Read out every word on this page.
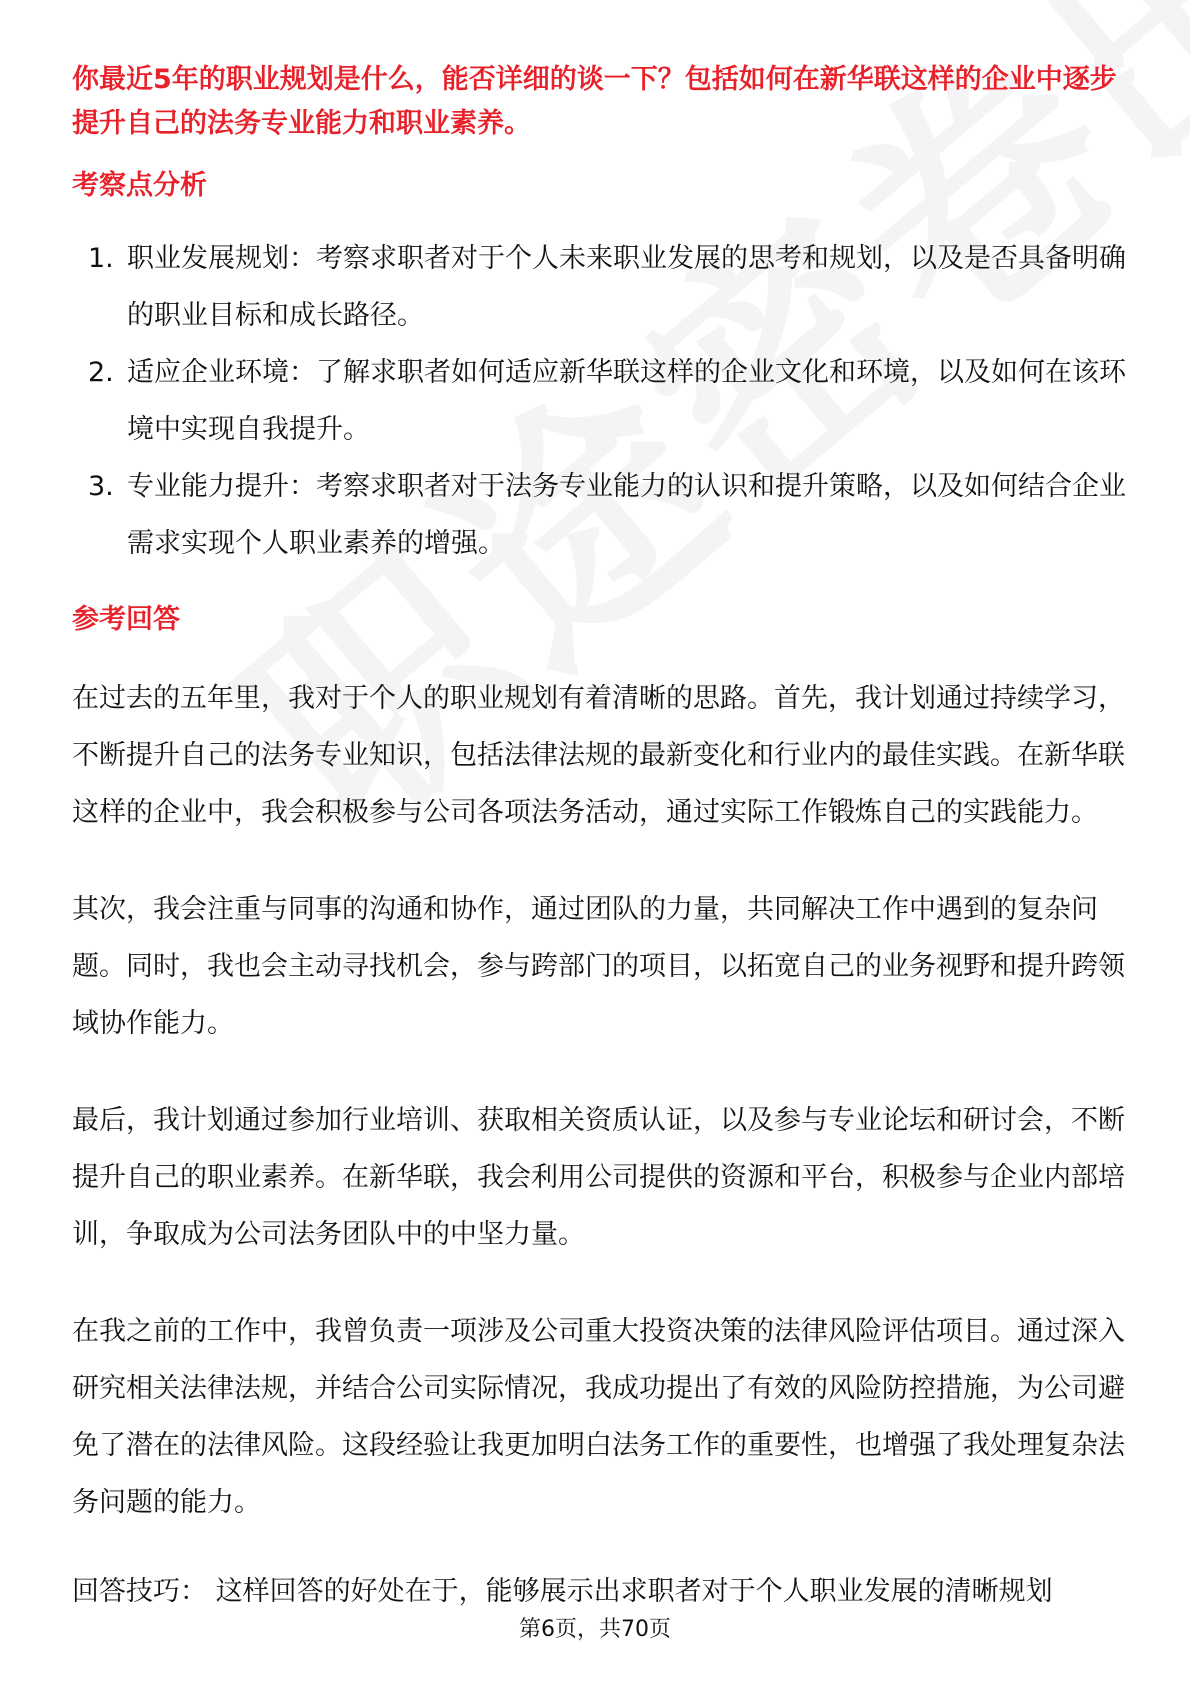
你最近5年的职业规划是什么，能否详细的谈一下？包括如何在新华联这样的企业中逐步提升自己的法务专业能力和职业素养。

考察点分析
1. 职业发展规划：考察求职者对于个人未来职业发展的思考和规划，以及是否具备明确的职业目标和成长路径。
2. 适应企业环境：了解求职者如何适应新华联这样的企业文化和环境，以及如何在该环境中实现自我提升。
3. 专业能力提升：考察求职者对于法务专业能力的认识和提升策略，以及如何结合企业需求实现个人职业素养的增强。
参考回答

在过去的五年里，我对于个人的职业规划有着清晰的思路。首先，我计划通过持续学习，不断提升自己的法务专业知识，包括法律法规的最新变化和行业内的最佳实践。在新华联这样的企业中，我会积极参与公司各项法务活动，通过实际工作锻炼自己的实践能力。

其次，我会注重与同事的沟通和协作，通过团队的力量，共同解决工作中遇到的复杂问题。同时，我也会主动寻找机会，参与跨部门的项目，以拓宽自己的业务视野和提升跨领域协作能力。

最后，我计划通过参加行业培训、获取相关资质认证，以及参与专业论坛和研讨会，不断提升自己的职业素养。在新华联，我会利用公司提供的资源和平台，积极参与企业内部培训，争取成为公司法务团队中的中坚力量。

在我之前的工作中，我曾负责一项涉及公司重大投资决策的法律风险评估项目。通过深入研究相关法律法规，并结合公司实际情况，我成功提出了有效的风险防控措施，为公司避免了潜在的法律风险。这段经验让我更加明白法务工作的重要性，也增强了我处理复杂法务问题的能力。

回答技巧： 这样回答的好处在于，能够展示出求职者对于个人职业发展的清晰规划

第6页，共70页
